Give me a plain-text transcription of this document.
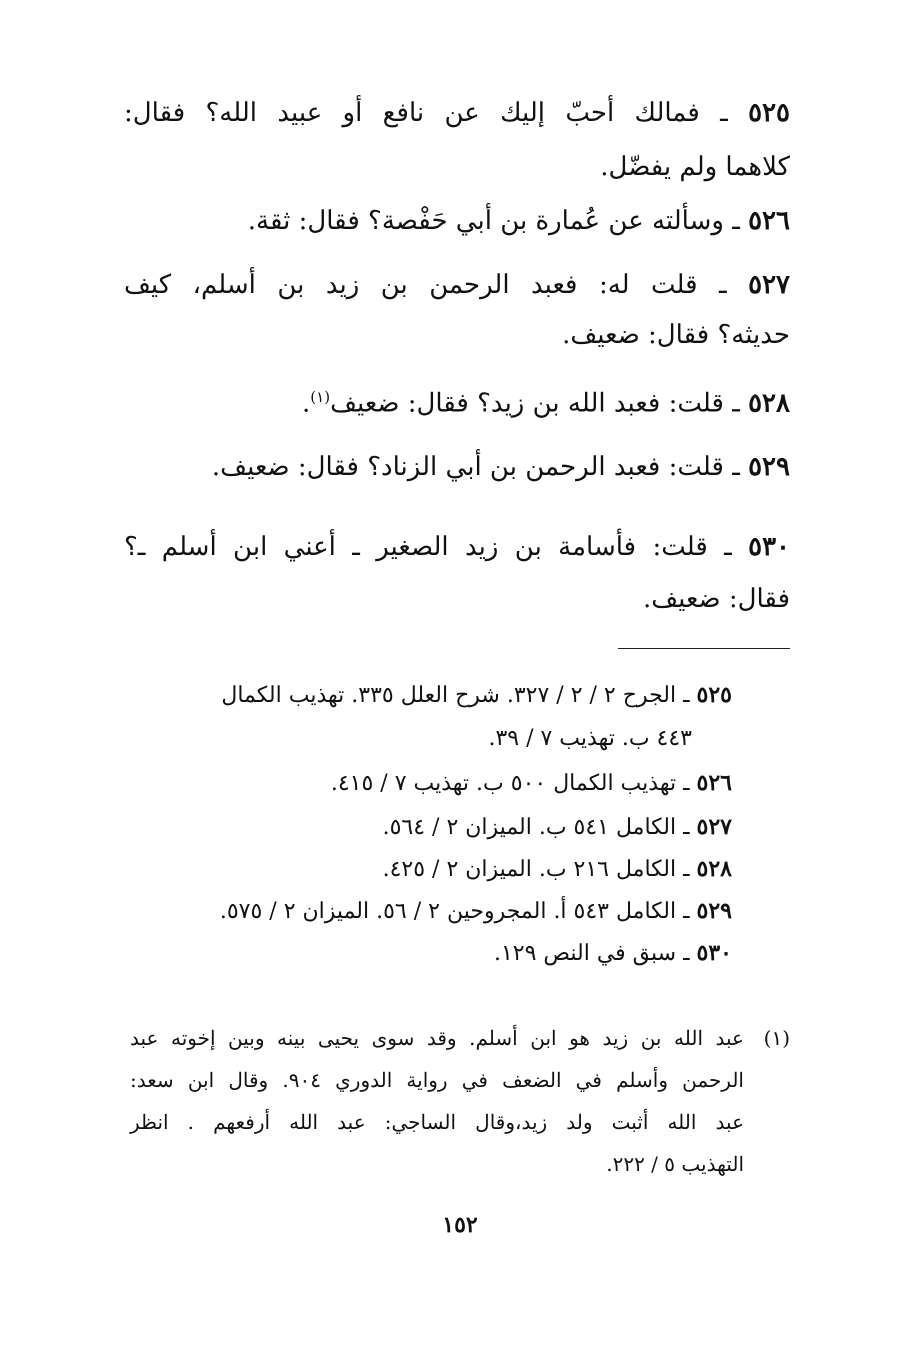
٥٢٥ ـ فمالك أحبّ إليك عن نافع أو عبيد الله؟ فقال:
كلاهما ولم يفضّل.
٥٢٦ ـ وسألته عن عُمارة بن أبي حَفْصة؟ فقال: ثقة.
٥٢٧ ـ قلت له: فعبد الرحمن بن زيد بن أسلم، كيف
حديثه؟ فقال: ضعيف.
٥٢٨ ـ قلت: فعبد الله بن زيد؟ فقال: ضعيف$^{(١)}$.
٥٢٩ ـ قلت: فعبد الرحمن بن أبي الزناد؟ فقال: ضعيف.
٥٣٠ ـ قلت: فأسامة بن زيد الصغير ـ أعني ابن أسلم ـ؟
فقال: ضعيف.
٥٢٥ ـ الجرح ٢ / ٢ / ٣٢٧. شرح العلل ٣٣٥. تهذيب الكمال
٤٤٣ ب. تهذيب ٧ / ٣٩.
٥٢٦ ـ تهذيب الكمال ٥٠٠ ب. تهذيب ٧ / ٤١٥.
٥٢٧ ـ الكامل ٥٤١ ب. الميزان ٢ / ٥٦٤.
٥٢٨ ـ الكامل ٢١٦ ب. الميزان ٢ / ٤٢٥.
٥٢٩ ـ الكامل ٥٤٣ أ. المجروحين ٢ / ٥٦. الميزان ٢ / ٥٧٥.
٥٣٠ ـ سبق في النص ١٢٩.
(١)
عبد الله بن زيد هو ابن أسلم. وقد سوى يحيى بينه وبين إخوته عبد
الرحمن وأسلم في الضعف في رواية الدوري ٩٠٤. وقال ابن سعد:
عبد الله أثبت ولد زيد،وقال الساجي: عبد الله أرفعهم . انظر
التهذيب ٥ / ٢٢٢.
١٥٢
